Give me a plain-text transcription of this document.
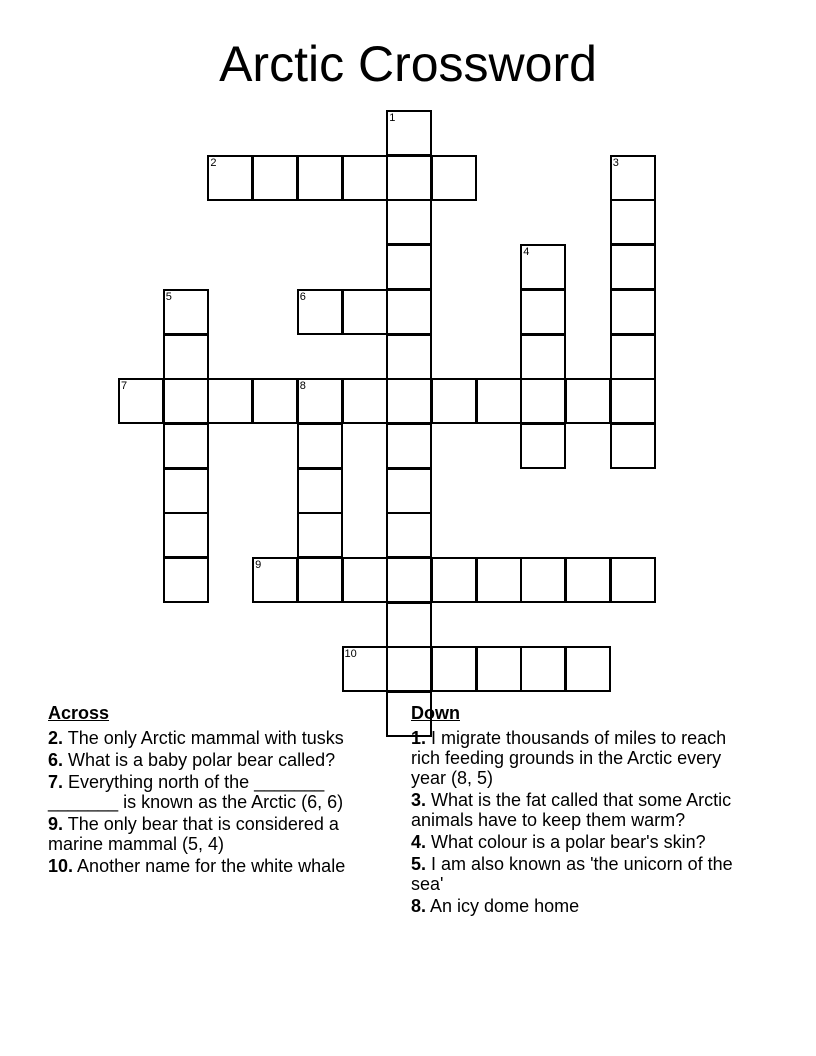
Arctic Crossword
1
2	3
4
5	6
7	8
9
10
Across
2. The only Arctic mammal with tusks
6. What is a baby polar bear called?
7. Everything north of the _______ _______ is known as the Arctic (6, 6)
9. The only bear that is considered a marine mammal (5, 4)
10. Another name for the white whale
Down
1. I migrate thousands of miles to reach rich feeding grounds in the Arctic every year (8, 5)
3. What is the fat called that some Arctic animals have to keep them warm?
4. What colour is a polar bear's skin?
5. I am also known as 'the unicorn of the sea'
8. An icy dome home
